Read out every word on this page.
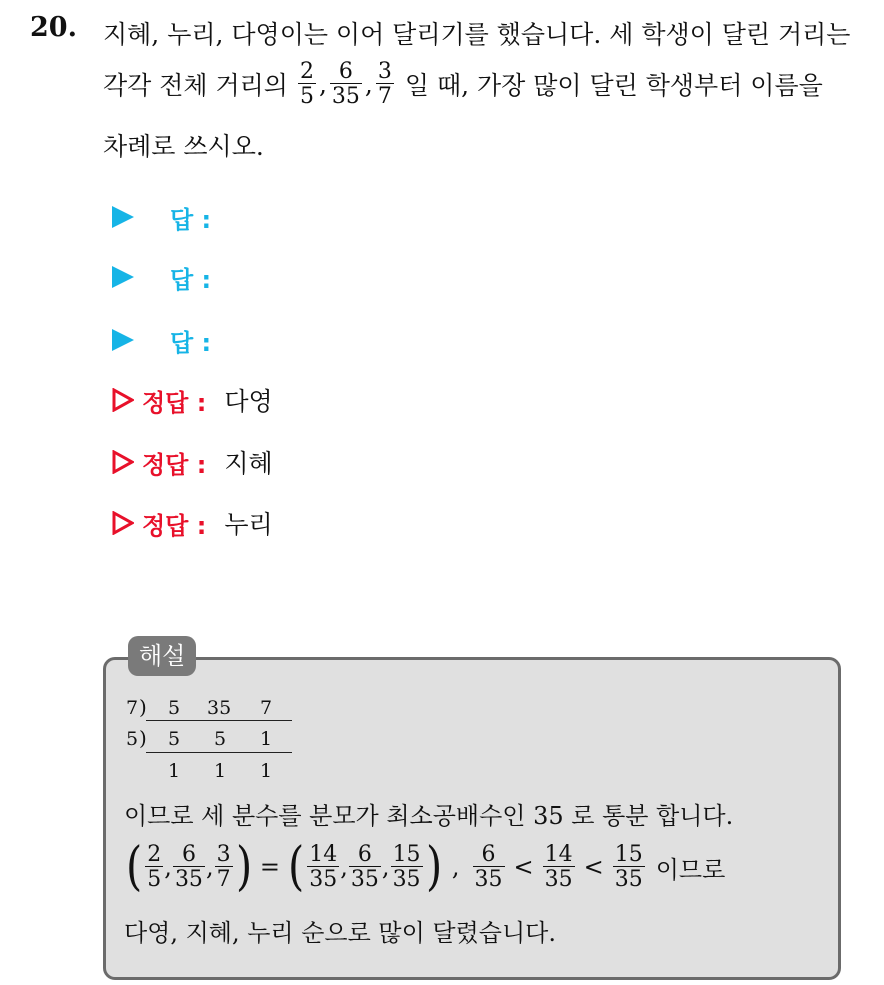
20. 지혜, 누리, 다영이는 이어 달리기를 했습니다. 세 학생이 달린 거리는
각각 전체 거리의 $\frac{2}{5}$ , $\frac{6}{35}$ , $\frac{3}{7}$ 일 때, 가장 많이 달린 학생부터 이름을
차례로 쓰시오.
답 :
답 :
답 :
정답 : 다영
정답 : 지혜
정답 : 누리
해설
7 ) 5 35 7
5 ) 5 5 1
1 1 1
이므로 세 분수를 분모가 최소공배수인 35 로 통분 합니다.
( $\frac{2}{5}$ , $\frac{6}{35}$ , $\frac{3}{7}$ ) = ( $\frac{14}{35}$ , $\frac{6}{35}$ , $\frac{15}{35}$ ) , $\frac{6}{35} < \frac{14}{35} < \frac{15}{35}$ 이므로
다영, 지혜, 누리 순으로 많이 달렸습니다.
